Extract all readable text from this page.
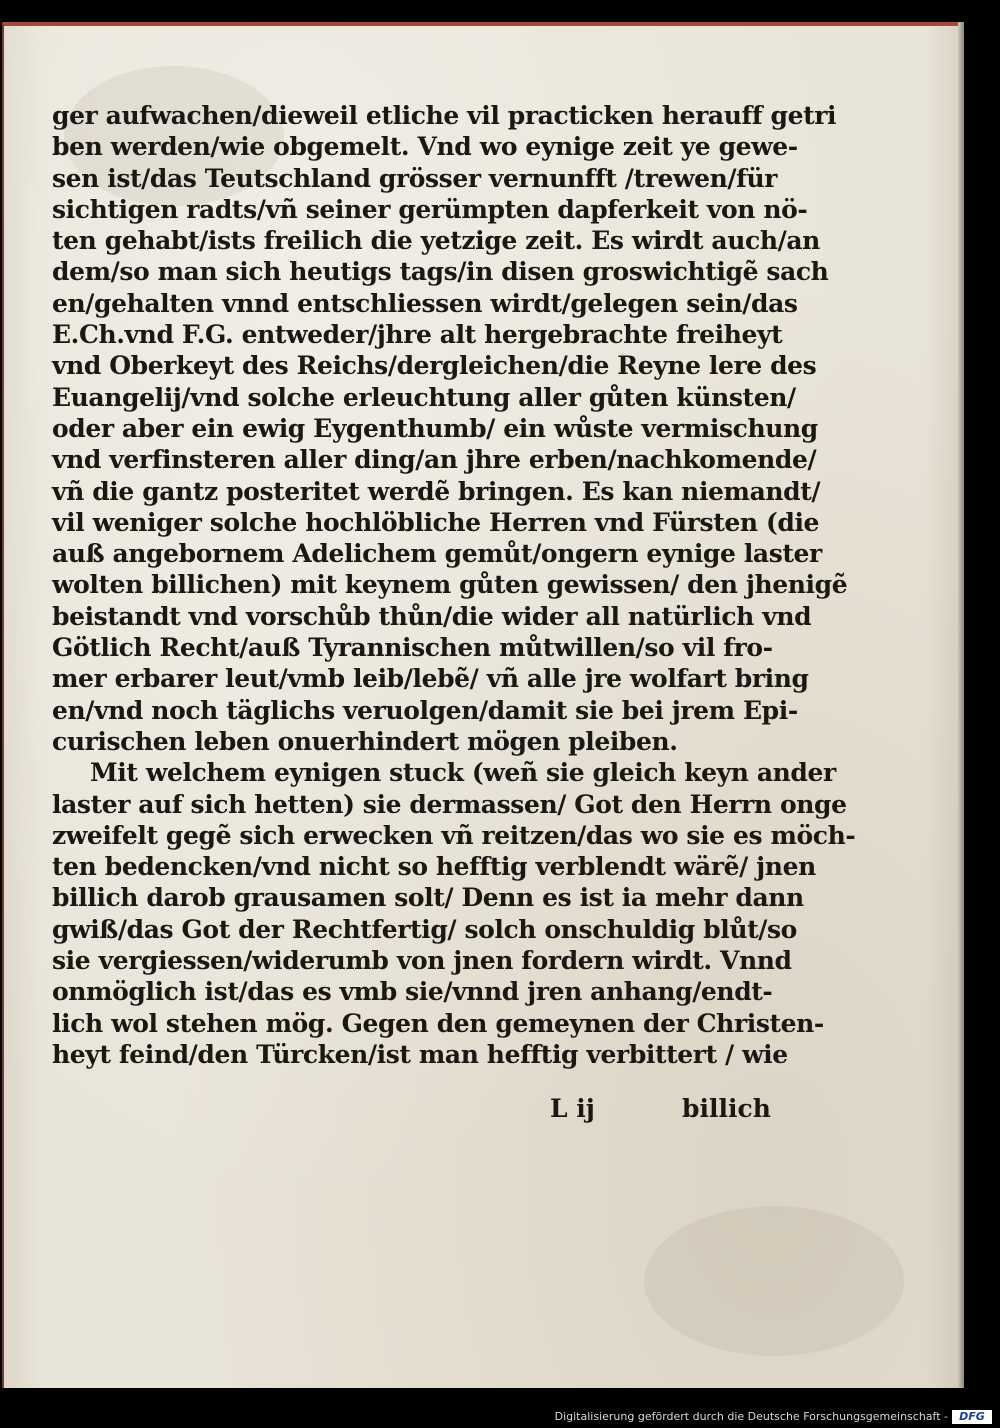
ger aufwachen/dieweil etliche vil practicken herauff getri
ben werden/wie obgemelt. Vnd wo eynige zeit ye gewe-
sen ist/das Teutschland grösser vernunfft /trewen/für
sichtigen radts/vñ seiner gerümpten dapferkeit von nö-
ten gehabt/ists freilich die yetzige zeit. Es wirdt auch/an
dem/so man sich heutigs tags/in disen groswichtigẽ sach
en/gehalten vnnd entschliessen wirdt/gelegen sein/das
E.Ch.vnd F.G. entweder/jhre alt hergebrachte freiheyt
vnd Oberkeyt des Reichs/dergleichen/die Reyne lere des
Euangelij/vnd solche erleuchtung aller gůten künsten/
oder aber ein ewig Eygenthumb/ ein wůste vermischung
vnd verfinsteren aller ding/an jhre erben/nachkomende/
vñ die gantz posteritet werdẽ bringen. Es kan niemandt/
vil weniger solche hochlöbliche Herren vnd Fürsten (die
auß angebornem Adelichem gemůt/ongern eynige laster
wolten billichen) mit keynem gůten gewissen/ den jhenigẽ
beistandt vnd vorschůb thůn/die wider all natürlich vnd
Götlich Recht/auß Tyrannischen můtwillen/so vil fro-
mer erbarer leut/vmb leib/lebẽ/ vñ alle jre wolfart bring
en/vnd noch täglichs veruolgen/damit sie bei jrem Epi-
curischen leben onuerhindert mögen pleiben.
Mit welchem eynigen stuck (weñ sie gleich keyn ander
laster auf sich hetten) sie dermassen/ Got den Herrn onge
zweifelt gegẽ sich erwecken vñ reitzen/das wo sie es möch-
ten bedencken/vnd nicht so hefftig verblendt wärẽ/ jnen
billich darob grausamen solt/ Denn es ist ia mehr dann
gwiß/das Got der Rechtfertig/ solch onschuldig blůt/so
sie vergiessen/widerumb von jnen fordern wirdt. Vnnd
onmöglich ist/das es vmb sie/vnnd jren anhang/endt-
lich wol stehen mög. Gegen den gemeynen der Christen-
heyt feind/den Türcken/ist man hefftig verbittert / wie
L ij	billich
Digitalisierung gefördert durch die Deutsche Forschungsgemeinschaft -	DFG
